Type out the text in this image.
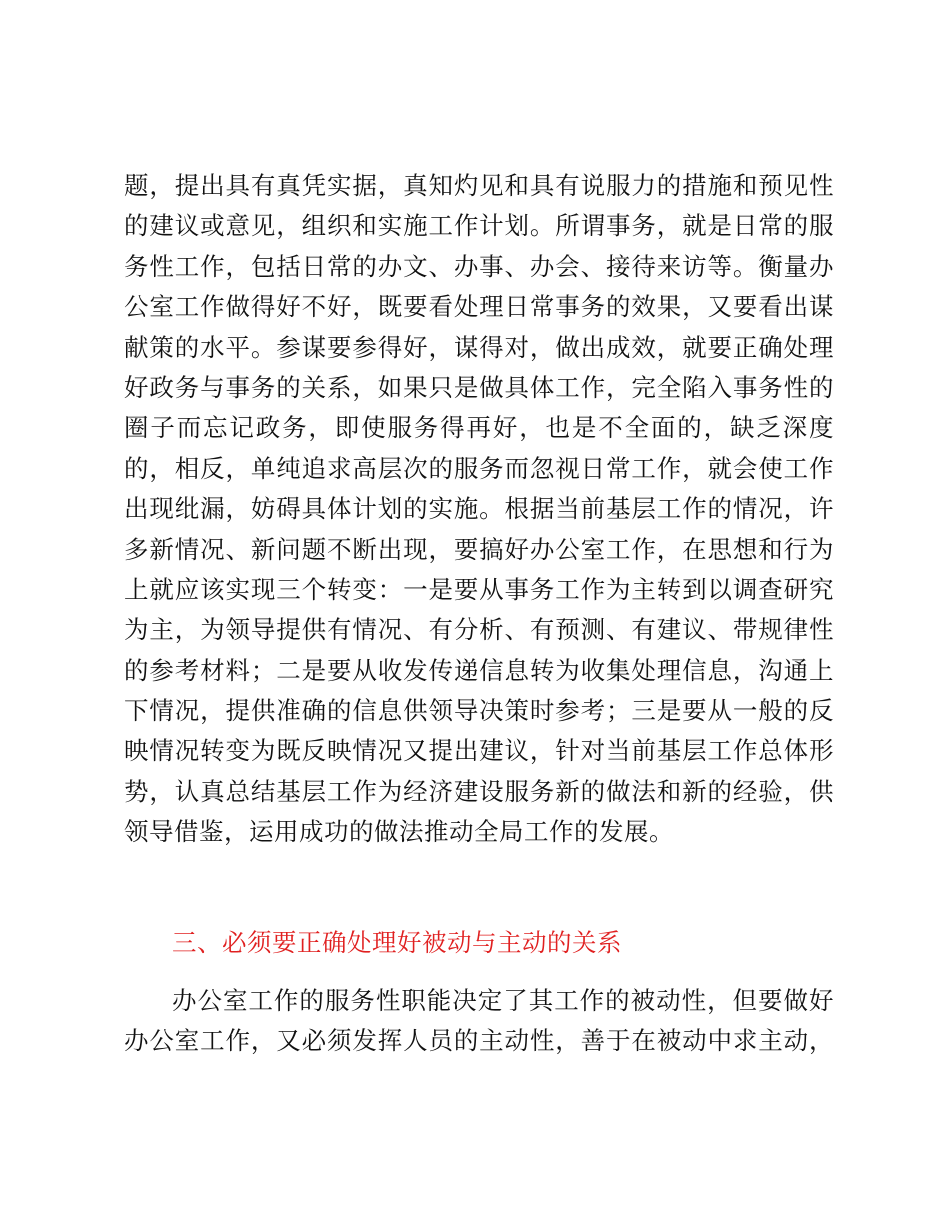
题，提出具有真凭实据，真知灼见和具有说服力的措施和预见性
的建议或意见，组织和实施工作计划。所谓事务，就是日常的服
务性工作，包括日常的办文、办事、办会、接待来访等。衡量办
公室工作做得好不好，既要看处理日常事务的效果，又要看出谋
献策的水平。参谋要参得好，谋得对，做出成效，就要正确处理
好政务与事务的关系，如果只是做具体工作，完全陷入事务性的
圈子而忘记政务，即使服务得再好，也是不全面的，缺乏深度
的，相反，单纯追求高层次的服务而忽视日常工作，就会使工作
出现纰漏，妨碍具体计划的实施。根据当前基层工作的情况，许
多新情况、新问题不断出现，要搞好办公室工作，在思想和行为
上就应该实现三个转变：一是要从事务工作为主转到以调查研究
为主，为领导提供有情况、有分析、有预测、有建议、带规律性
的参考材料；二是要从收发传递信息转为收集处理信息，沟通上
下情况，提供准确的信息供领导决策时参考；三是要从一般的反
映情况转变为既反映情况又提出建议，针对当前基层工作总体形
势，认真总结基层工作为经济建设服务新的做法和新的经验，供
领导借鉴，运用成功的做法推动全局工作的发展。
三、必须要正确处理好被动与主动的关系
办公室工作的服务性职能决定了其工作的被动性，但要做好
办公室工作，又必须发挥人员的主动性，善于在被动中求主动，
